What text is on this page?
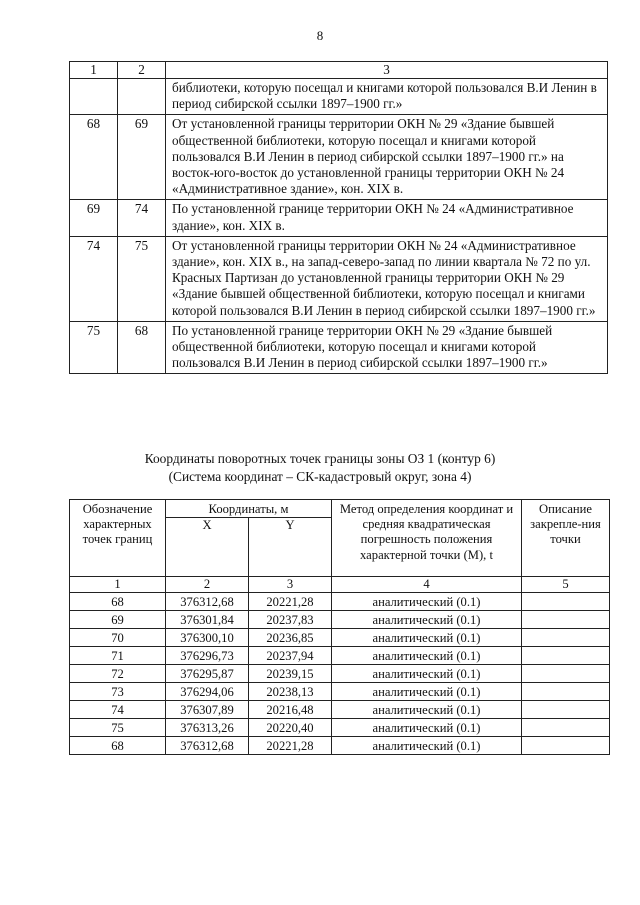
8
1	2	3
		библиотеки, которую посещал и книгами которой пользовался В.И Ленин в период сибирской ссылки 1897–1900 гг.»
68	69	От установленной границы территории ОКН № 29 «Здание бывшей общественной библиотеки, которую посещал и книгами которой пользовался В.И Ленин в период сибирской ссылки 1897–1900 гг.» на восток-юго-восток до установленной границы территории ОКН № 24 «Административное здание», кон. XIX в.
69	74	По установленной границе территории ОКН № 24 «Административное здание», кон. XIX в.
74	75	От установленной границы территории ОКН № 24 «Административное здание», кон. XIX в., на запад-северо-запад по линии квартала № 72 по ул. Красных Партизан до установленной границы территории ОКН № 29 «Здание бывшей общественной библиотеки, которую посещал и книгами которой пользовался В.И Ленин в период сибирской ссылки 1897–1900 гг.»
75	68	По установленной границе территории ОКН № 29 «Здание бывшей общественной библиотеки, которую посещал и книгами которой пользовался В.И Ленин в период сибирской ссылки 1897–1900 гг.»
Координаты поворотных точек границы зоны ОЗ 1 (контур 6)
(Система координат – СК-кадастровый округ, зона 4)
Обозначение характерных точек границ	Координаты, м		Метод определения координат и средняя квадратическая погрешность положения характерной точки (M), t	Описание закрепле-ния точки
	X	Y		
1	2	3	4	5
68	376312,68	20221,28	аналитический (0.1)	
69	376301,84	20237,83	аналитический (0.1)	
70	376300,10	20236,85	аналитический (0.1)	
71	376296,73	20237,94	аналитический (0.1)	
72	376295,87	20239,15	аналитический (0.1)	
73	376294,06	20238,13	аналитический (0.1)	
74	376307,89	20216,48	аналитический (0.1)	
75	376313,26	20220,40	аналитический (0.1)	
68	376312,68	20221,28	аналитический (0.1)	
